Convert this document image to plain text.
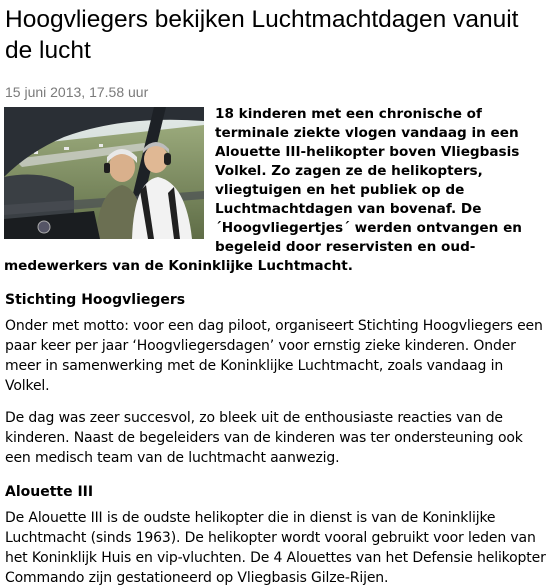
Hoogvliegers bekijken Luchtmachtdagen vanuit de lucht
15 juni 2013, 17.58 uur

18 kinderen met een chronische of terminale ziekte vlogen vandaag in een Alouette III-helikopter boven Vliegbasis Volkel. Zo zagen ze de helikopters, vliegtuigen en het publiek op de Luchtmachtdagen van bovenaf. De ´Hoogvliegertjes´ werden ontvangen en begeleid door reservisten en oud-medewerkers van de Koninklijke Luchtmacht.

Stichting Hoogvliegers

Onder met motto: voor een dag piloot, organiseert Stichting Hoogvliegers een paar keer per jaar ‘Hoogvliegersdagen’ voor ernstig zieke kinderen. Onder meer in samenwerking met de Koninklijke Luchtmacht, zoals vandaag in Volkel.

De dag was zeer succesvol, zo bleek uit de enthousiaste reacties van de kinderen. Naast de begeleiders van de kinderen was ter ondersteuning ook een medisch team van de luchtmacht aanwezig.

Alouette III

De Alouette III is de oudste helikopter die in dienst is van de Koninklijke Luchtmacht (sinds 1963). De helikopter wordt vooral gebruikt voor leden van het Koninklijk Huis en vip-vluchten. De 4 Alouettes van het Defensie helikopter Commando zijn gestationeerd op Vliegbasis Gilze-Rijen.
